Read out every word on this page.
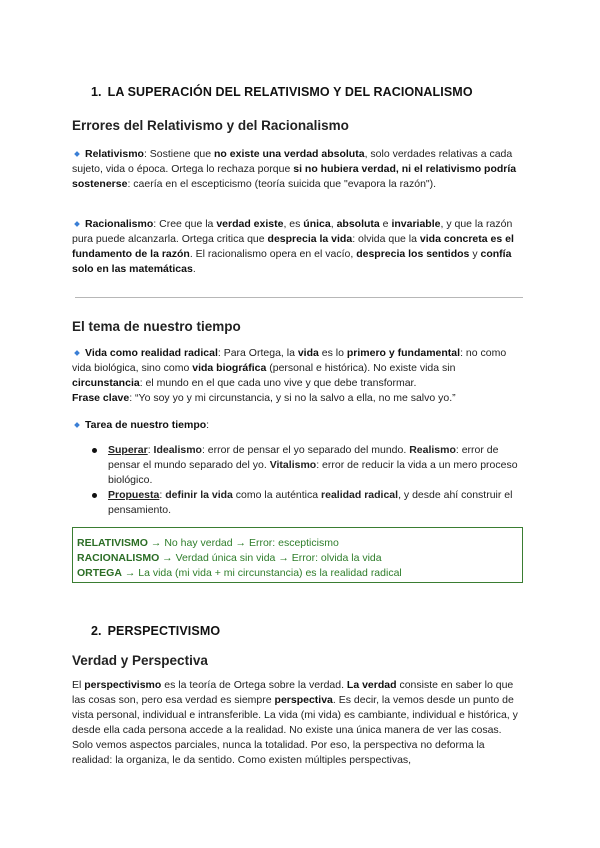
1. LA SUPERACIÓN DEL RELATIVISMO Y DEL RACIONALISMO
Errores del Relativismo y del Racionalismo
Relativismo: Sostiene que no existe una verdad absoluta, solo verdades relativas a cada sujeto, vida o época. Ortega lo rechaza porque si no hubiera verdad, ni el relativismo podría sostenerse: caería en el escepticismo (teoría suicida que "evapora la razón").
Racionalismo: Cree que la verdad existe, es única, absoluta e invariable, y que la razón pura puede alcanzarla. Ortega critica que desprecia la vida: olvida que la vida concreta es el fundamento de la razón. El racionalismo opera en el vacío, desprecia los sentidos y confía solo en las matemáticas.
El tema de nuestro tiempo
Vida como realidad radical: Para Ortega, la vida es lo primero y fundamental: no como vida biológica, sino como vida biográfica (personal e histórica). No existe vida sin circunstancia: el mundo en el que cada uno vive y que debe transformar.
Frase clave: “Yo soy yo y mi circunstancia, y si no la salvo a ella, no me salvo yo.”
Tarea de nuestro tiempo:
Superar: Idealismo: error de pensar el yo separado del mundo. Realismo: error de pensar el mundo separado del yo. Vitalismo: error de reducir la vida a un mero proceso biológico.
Propuesta: definir la vida como la auténtica realidad radical, y desde ahí construir el pensamiento.
RELATIVISMO → No hay verdad → Error: escepticismo
RACIONALISMO → Verdad única sin vida → Error: olvida la vida
ORTEGA → La vida (mi vida + mi circunstancia) es la realidad radical
2. PERSPECTIVISMO
Verdad y Perspectiva
El perspectivismo es la teoría de Ortega sobre la verdad. La verdad consiste en saber lo que las cosas son, pero esa verdad es siempre perspectiva. Es decir, la vemos desde un punto de vista personal, individual e intransferible. La vida (mi vida) es cambiante, individual e histórica, y desde ella cada persona accede a la realidad. No existe una única manera de ver las cosas. Solo vemos aspectos parciales, nunca la totalidad. Por eso, la perspectiva no deforma la realidad: la organiza, le da sentido. Como existen múltiples perspectivas,
